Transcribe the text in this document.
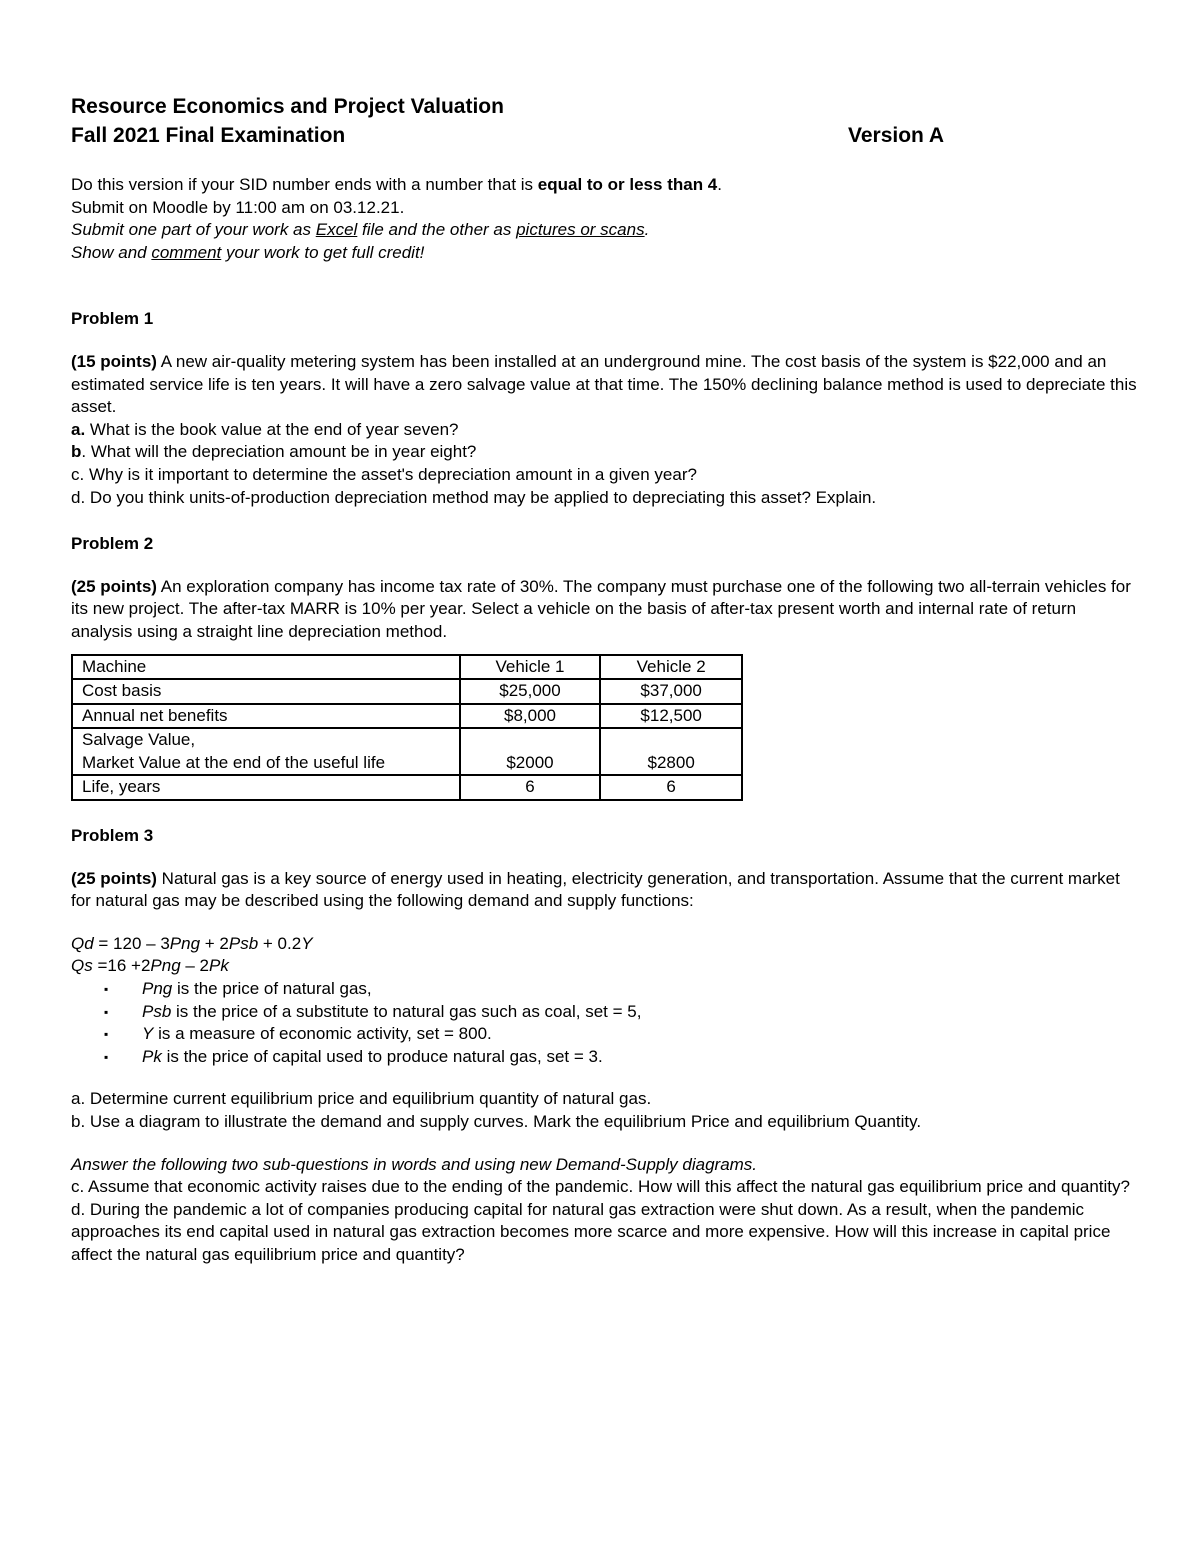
Resource Economics and Project Valuation
Fall 2021 Final Examination	Version A

Do this version if your SID number ends with a number that is equal to or less than 4.

Submit on Moodle by 11:00 am on 03.12.21.

Submit one part of your work as Excel file and the other as pictures or scans.

Show and comment your work to get full credit!

Problem 1

(15 points) A new air-quality metering system has been installed at an underground mine. The cost basis of the system is $22,000 and an estimated service life is ten years. It will have a zero salvage value at that time. The 150% declining balance method is used to depreciate this asset.

a. What is the book value at the end of year seven?

b. What will the depreciation amount be in year eight?

c. Why is it important to determine the asset's depreciation amount in a given year?

d. Do you think units-of-production depreciation method may be applied to depreciating this asset? Explain.

Problem 2

(25 points) An exploration company has income tax rate of 30%. The company must purchase one of the following two all-terrain vehicles for its new project. The after-tax MARR is 10% per year. Select a vehicle on the basis of after-tax present worth and internal rate of return analysis using a straight line depreciation method.

Machine	Vehicle 1	Vehicle 2
Cost basis	$25,000	$37,000
Annual net benefits	$8,000	$12,500

Salvage Value,
Market Value at the end of the useful life	$2000	$2800
Life, years	6	6

Problem 3

(25 points) Natural gas is a key source of energy used in heating, electricity generation, and transportation. Assume that the current market for natural gas may be described using the following demand and supply functions:

Qd = 120 – 3Png + 2Psb + 0.2Y

Qs =16 +2Png – 2Pk

▪ Png is the price of natural gas,
▪ Psb is the price of a substitute to natural gas such as coal, set = 5,
▪ Y is a measure of economic activity, set = 800.
▪ Pk is the price of capital used to produce natural gas, set = 3.

a. Determine current equilibrium price and equilibrium quantity of natural gas.

b. Use a diagram to illustrate the demand and supply curves. Mark the equilibrium Price and equilibrium Quantity.

Answer the following two sub-questions in words and using new Demand-Supply diagrams.

c. Assume that economic activity raises due to the ending of the pandemic. How will this affect the natural gas equilibrium price and quantity?

d. During the pandemic a lot of companies producing capital for natural gas extraction were shut down. As a result, when the pandemic approaches its end capital used in natural gas extraction becomes more scarce and more expensive. How will this increase in capital price affect the natural gas equilibrium price and quantity?
